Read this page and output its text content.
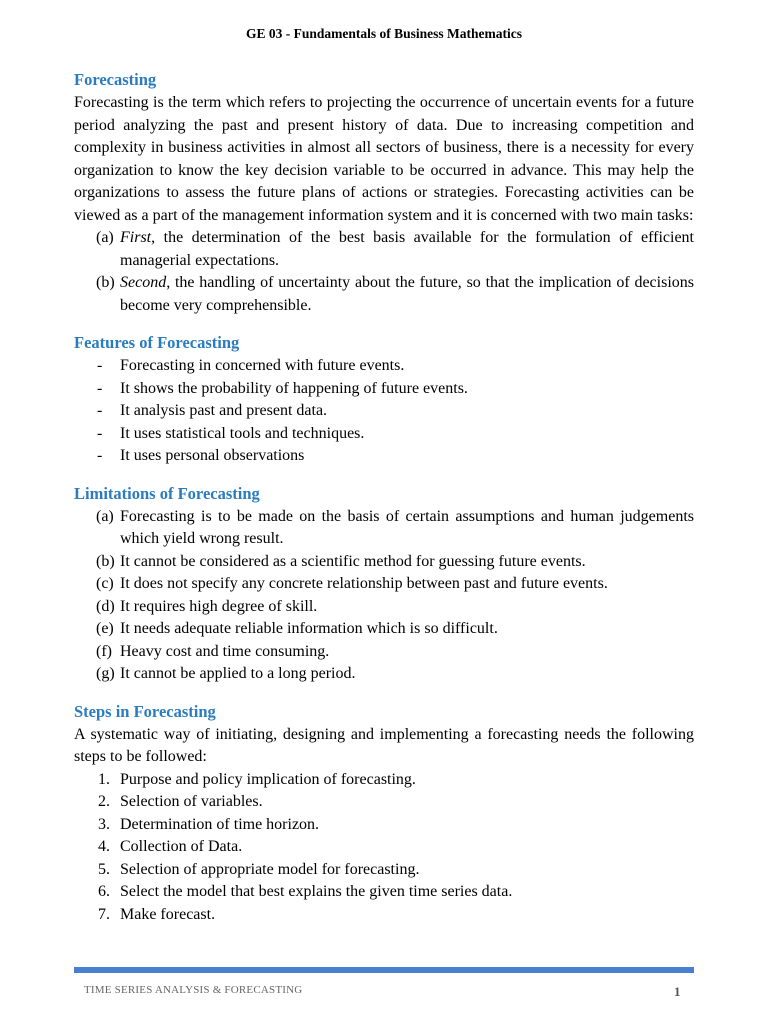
GE 03 - Fundamentals of Business Mathematics
Forecasting

Forecasting is the term which refers to projecting the occurrence of uncertain events for a future period analyzing the past and present history of data. Due to increasing competition and complexity in business activities in almost all sectors of business, there is a necessity for every organization to know the key decision variable to be occurred in advance. This may help the organizations to assess the future plans of actions or strategies. Forecasting activities can be viewed as a part of the management information system and it is concerned with two main tasks:

(a) First, the determination of the best basis available for the formulation of efficient managerial expectations.
(b) Second, the handling of uncertainty about the future, so that the implication of decisions become very comprehensible.
Features of Forecasting
- Forecasting in concerned with future events.
- It shows the probability of happening of future events.
- It analysis past and present data.
- It uses statistical tools and techniques.
- It uses personal observations
Limitations of Forecasting
(a) Forecasting is to be made on the basis of certain assumptions and human judgements which yield wrong result.
(b) It cannot be considered as a scientific method for guessing future events.
(c) It does not specify any concrete relationship between past and future events.
(d) It requires high degree of skill.
(e) It needs adequate reliable information which is so difficult.
(f) Heavy cost and time consuming.
(g) It cannot be applied to a long period.
Steps in Forecasting

A systematic way of initiating, designing and implementing a forecasting needs the following steps to be followed:

1. Purpose and policy implication of forecasting.
2. Selection of variables.
3. Determination of time horizon.
4. Collection of Data.
5. Selection of appropriate model for forecasting.
6. Select the model that best explains the given time series data.
7. Make forecast.
TIME SERIES ANALYSIS & FORECASTING	1
